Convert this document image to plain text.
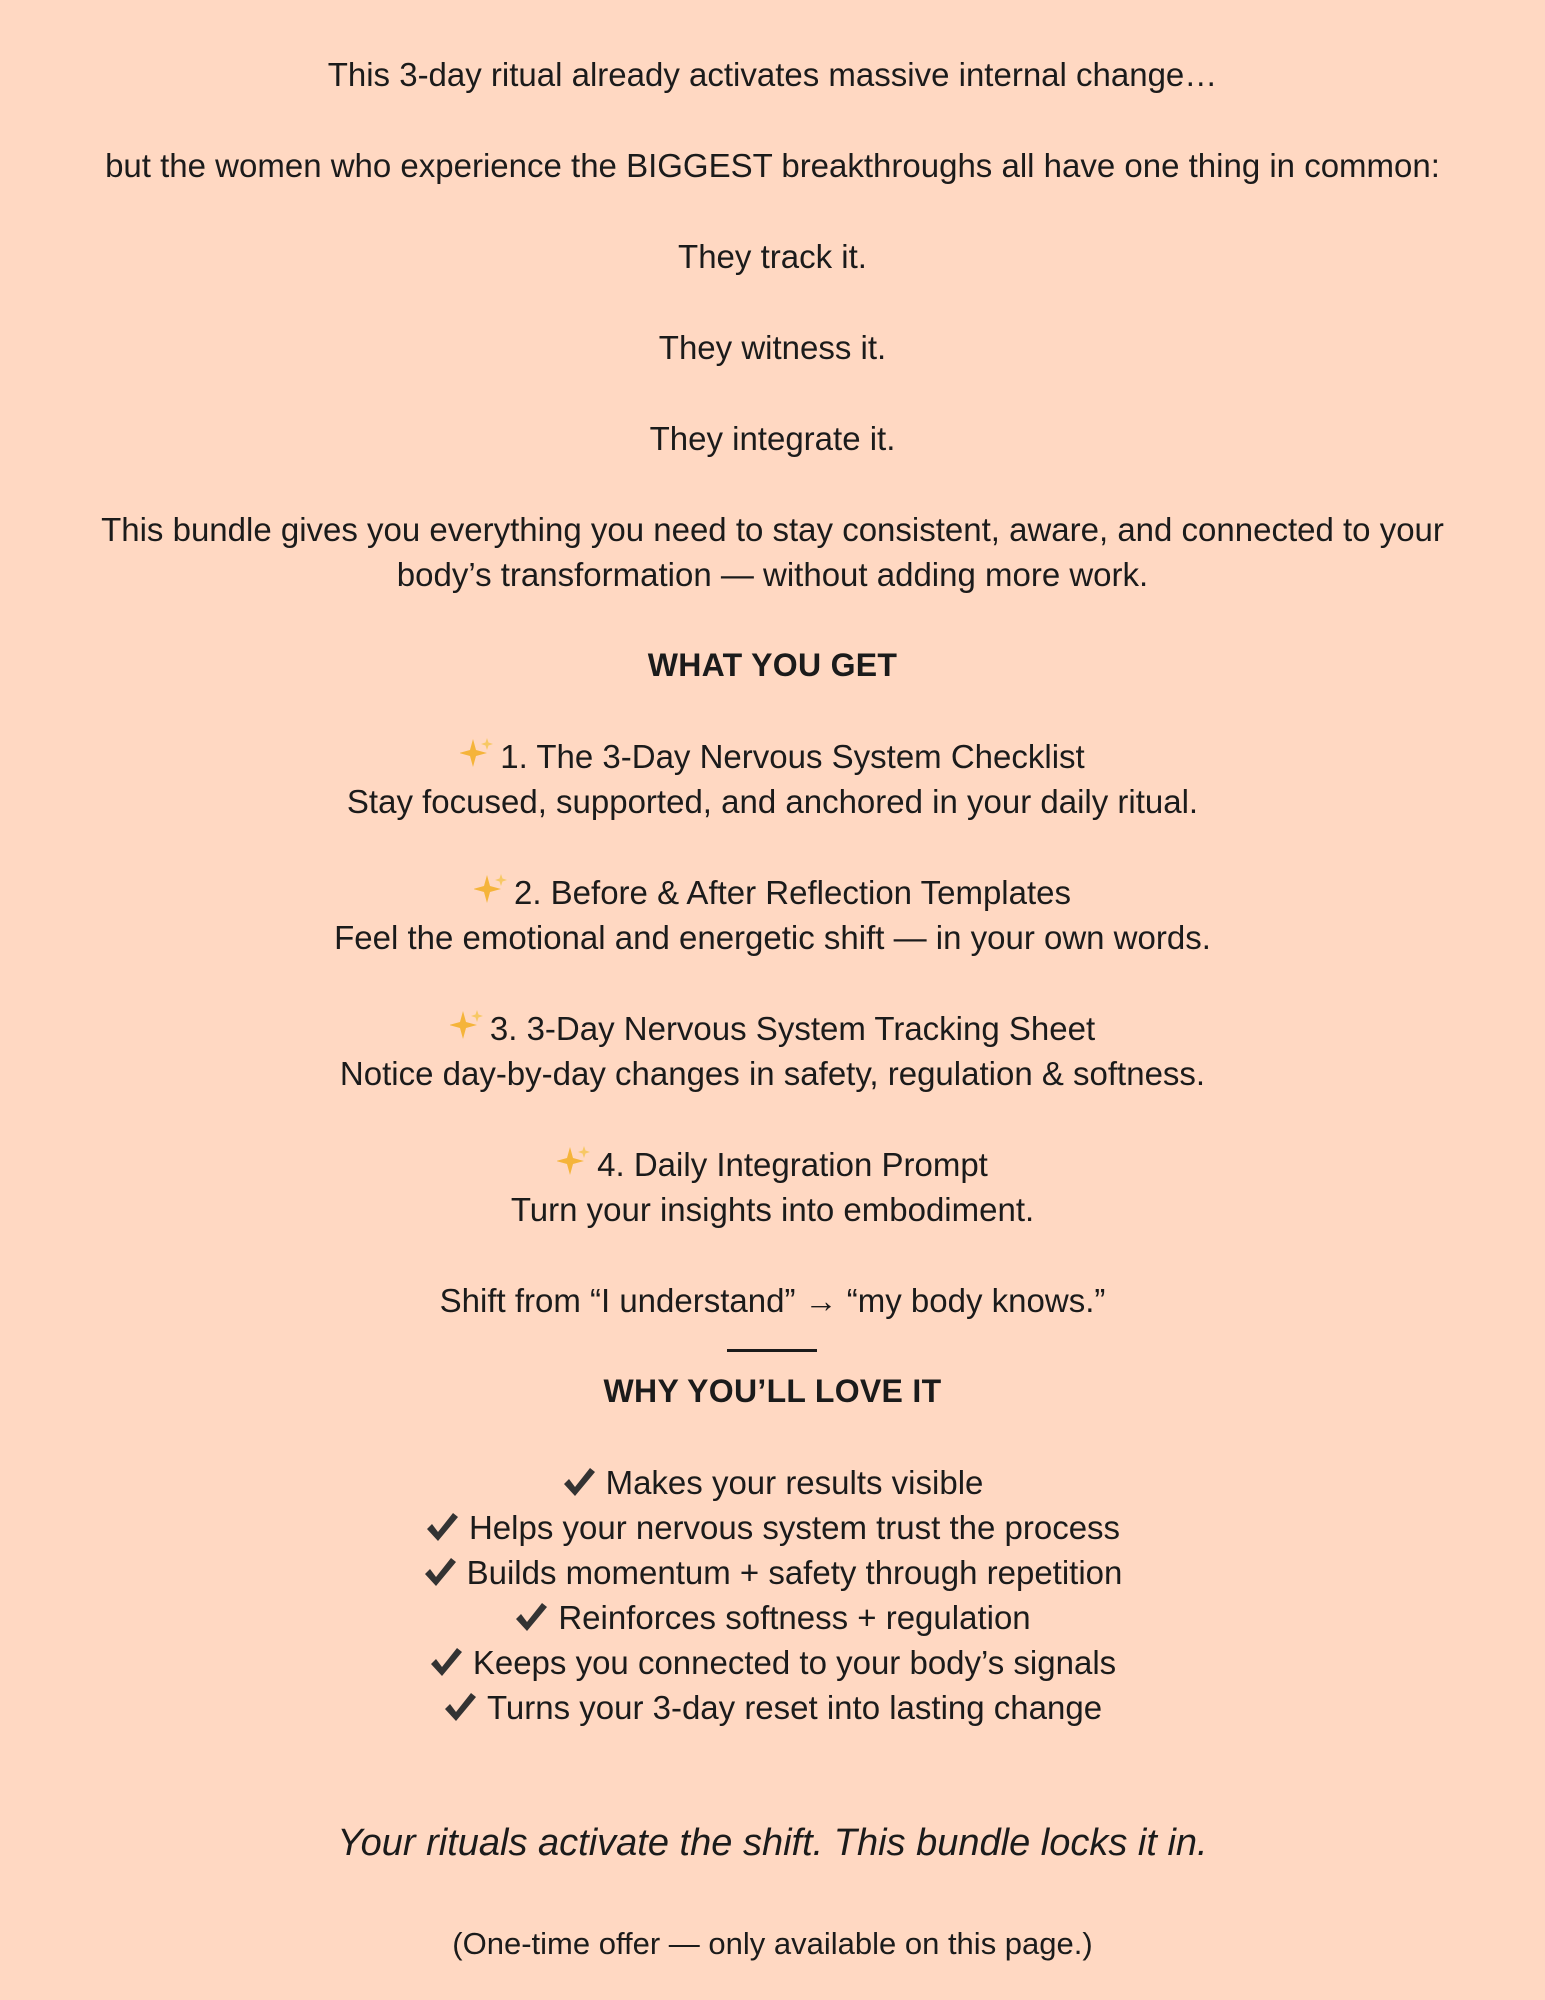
This 3-day ritual already activates massive internal change…
but the women who experience the BIGGEST breakthroughs all have one thing in common:
They track it.
They witness it.
They integrate it.
This bundle gives you everything you need to stay consistent, aware, and connected to your
body’s transformation — without adding more work.
WHAT YOU GET
1. The 3-Day Nervous System Checklist
Stay focused, supported, and anchored in your daily ritual.
2. Before & After Reflection Templates
Feel the emotional and energetic shift — in your own words.
3. 3-Day Nervous System Tracking Sheet
Notice day-by-day changes in safety, regulation & softness.
4. Daily Integration Prompt
Turn your insights into embodiment.
Shift from “I understand” → “my body knows.”
WHY YOU’LL LOVE IT
Makes your results visible
Helps your nervous system trust the process
Builds momentum + safety through repetition
Reinforces softness + regulation
Keeps you connected to your body’s signals
Turns your 3-day reset into lasting change
Your rituals activate the shift. This bundle locks it in.
(One-time offer — only available on this page.)
